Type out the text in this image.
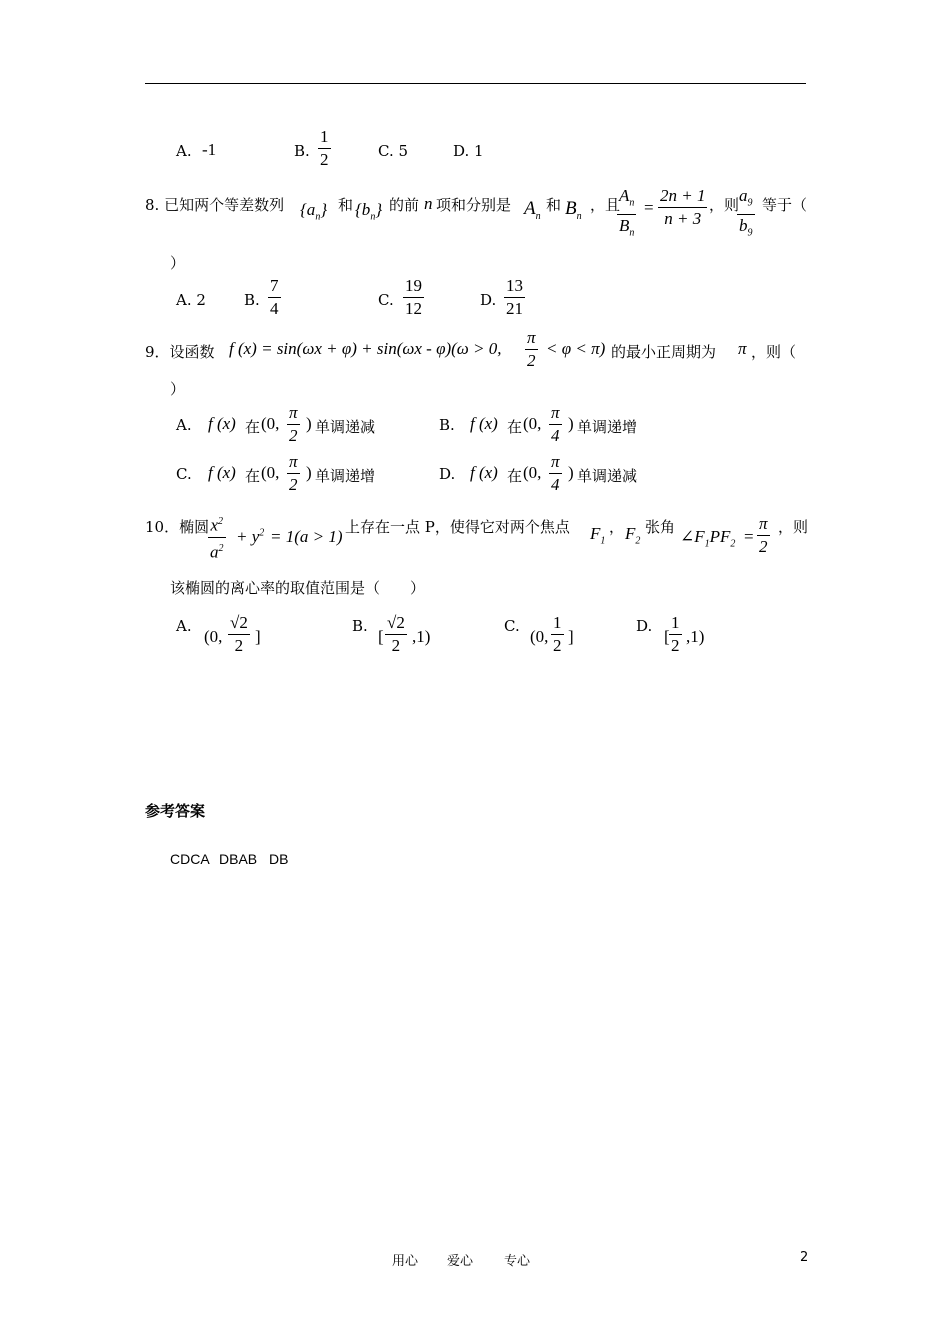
A. -1	B.
1
2	C. 5	D. 1
8. 已知两个等差数列 $\{a_n\}$ 和 $\{b_n\}$ 的前 n 项和分别是 $A_n$
和 $B_n$
，且
$A_n$
$B_n$
=
2n + 1
n + 3
，则 $a_9$
$b_9$
等于（
）
A. 2	B.
7
4	C.
19
12	D.
13
21
9．设函数 f (x) = sin(ωx + φ) + sin(ωx - φ)(ω > 0,
π
2
< φ < π) 的最小正周期为 π ，则（
）
A. f (x) 在 (0,
π
2
) 单调递减	B. f (x) 在 (0,
π
4
) 单调递增
C. f (x) 在 (0,
π
2
) 单调递增	D. f (x) 在 (0,
π
4
) 单调递减
10．椭圆 $x^2$
$a^2$
+ $y^2 = 1(a > 1)$ 上存在一点 P，使得它对两个焦点 $F_1$
， $F_2$
张角 $\angle F_1PF_2$ =
π
2
，则
该椭圆的离心率的取值范围是（　　）
A.
(0,
√2
2 ]
B.
[
√2
2 ,1)
C.
(0,
1
2 ]
D.
[
1
2 ,1)
参考答案
CDCA DBAB DB
用心 爱心 专心	2
